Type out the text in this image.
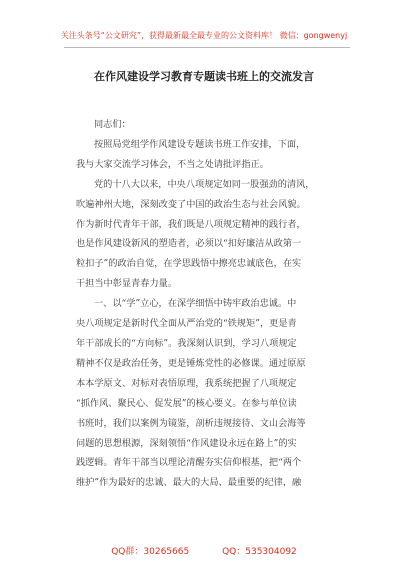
关注头条号“公文研究”，获得最新最全最专业的公文资料库！ 微信：gongwenyj
在作风建设学习教育专题读书班上的交流发言
同志们：
按照局党组学作风建设专题读书班工作安排，下面，
我与大家交流学习体会，不当之处请批评指正。
党的十八大以来，中央八项规定如同一股强劲的清风，
吹遍神州大地，深刻改变了中国的政治生态与社会风貌。
作为新时代青年干部，我们既是八项规定精神的践行者，
也是作风建设新风的塑造者，必须以“扣好廉洁从政第一
粒扣子”的政治自觉，在学思践悟中擦亮忠诚底色，在实
干担当中彰显青春力量。
一、以“学”立心，在深学细悟中铸牢政治忠诚。中
央八项规定是新时代全面从严治党的“铁规矩”，更是青
年干部成长的“方向标”。我深刻认识到，学习八项规定
精神不仅是政治任务，更是锤炼党性的必修课。通过原原
本本学原文、对标对表悟原理，我系统把握了八项规定
“抓作风、聚民心、促发展”的核心要义。在参与单位读
书班时，我们以案例为镜鉴，剖析违规接待、文山会海等
问题的思想根源，深刻领悟“作风建设永远在路上”的实
践逻辑。青年干部当以理论清醒夯实信仰根基，把“两个
维护”作为最好的忠诚、最大的大局、最重要的纪律，融
QQ群：30265665	QQ：535304092
